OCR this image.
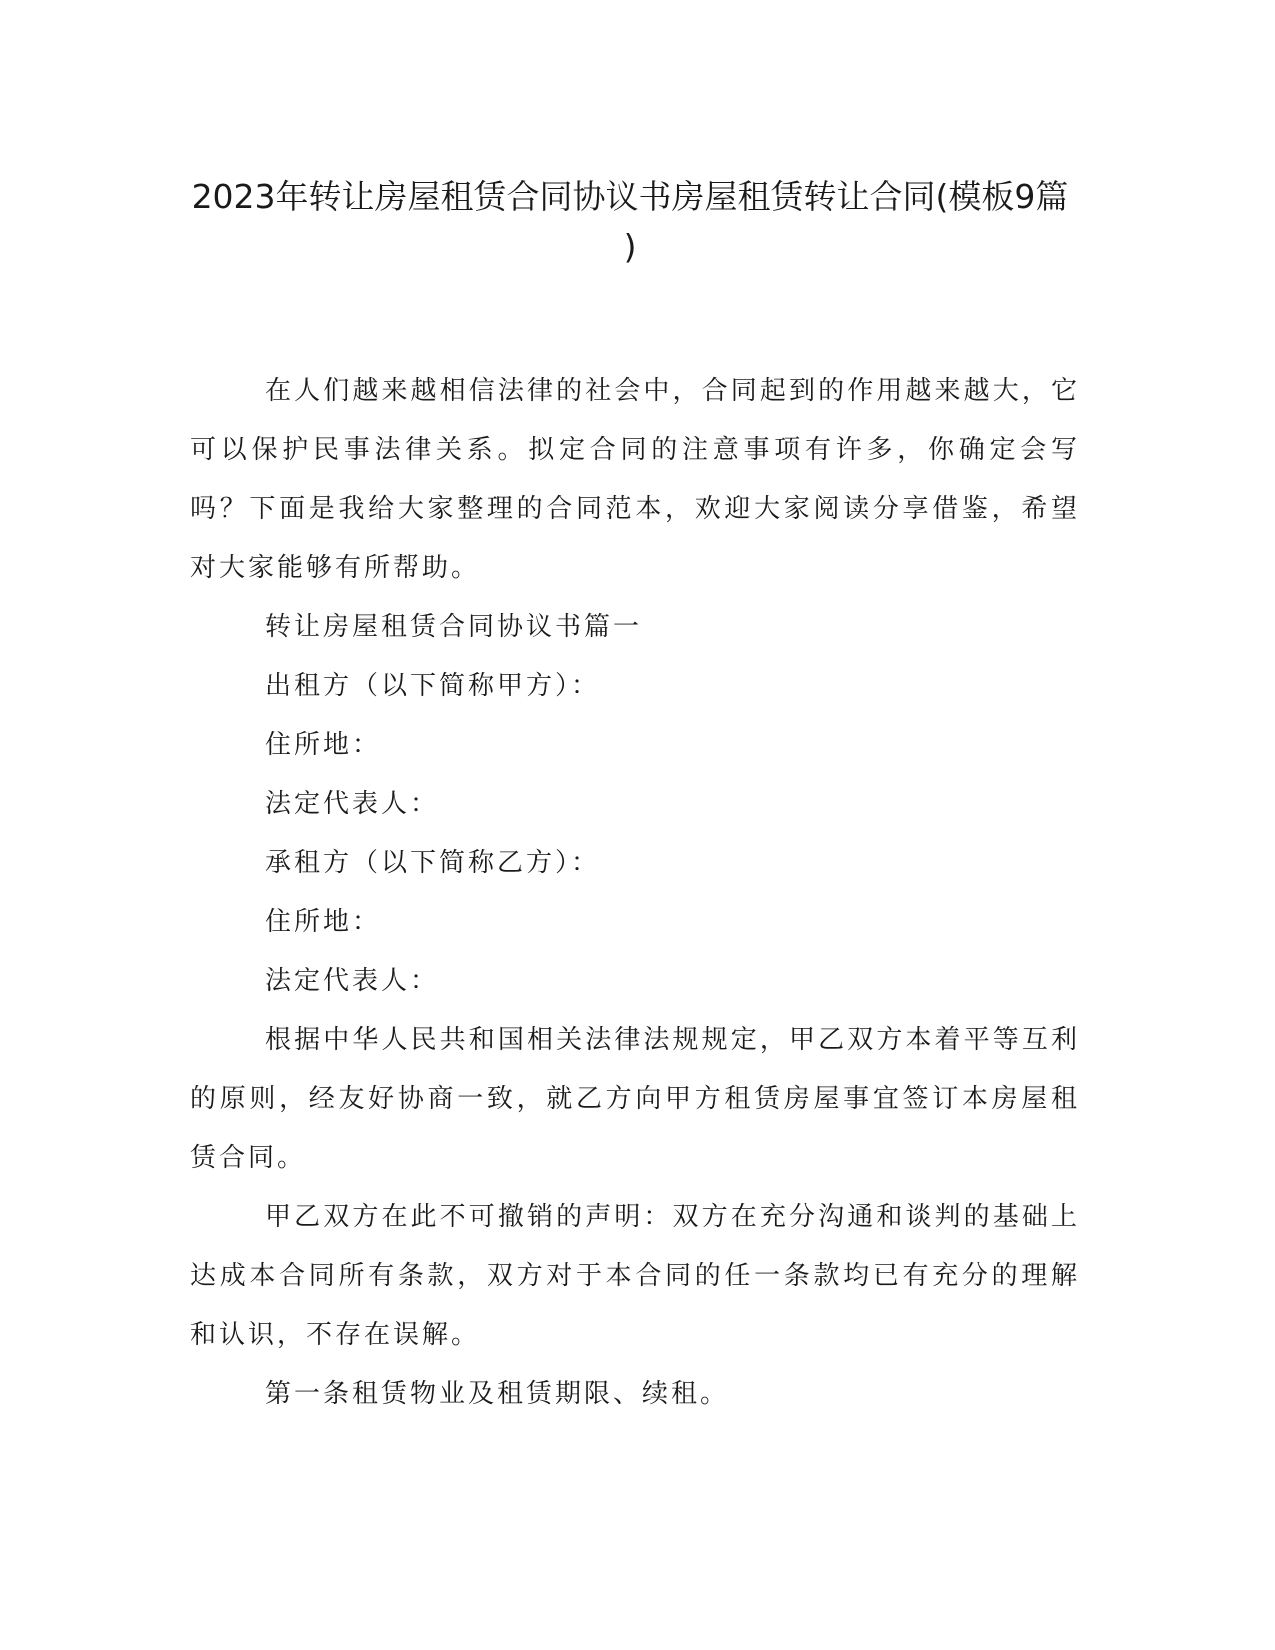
2023年转让房屋租赁合同协议书房屋租赁转让合同(模板9篇
)

在人们越来越相信法律的社会中，合同起到的作用越来越大，它可以保护民事法律关系。拟定合同的注意事项有许多，你确定会写吗？下面是我给大家整理的合同范本，欢迎大家阅读分享借鉴，希望对大家能够有所帮助。

转让房屋租赁合同协议书篇一

出租方（以下简称甲方）：

住所地：

法定代表人：

承租方（以下简称乙方）：

住所地：

法定代表人：

根据中华人民共和国相关法律法规规定，甲乙双方本着平等互利的原则，经友好协商一致，就乙方向甲方租赁房屋事宜签订本房屋租赁合同。

甲乙双方在此不可撤销的声明：双方在充分沟通和谈判的基础上达成本合同所有条款，双方对于本合同的任一条款均已有充分的理解和认识，不存在误解。

第一条租赁物业及租赁期限、续租。
